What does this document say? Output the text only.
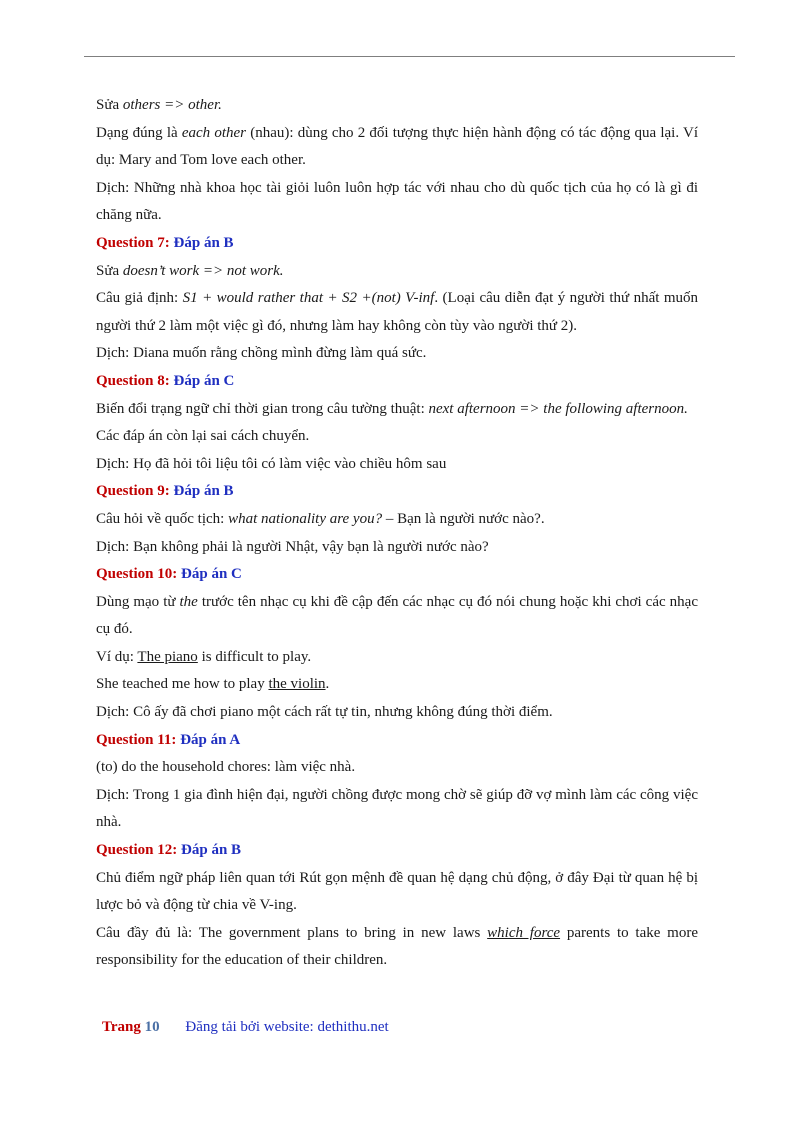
Sửa others => other.

Dạng đúng là each other (nhau): dùng cho 2 đối tượng thực hiện hành động có tác động qua lại. Ví dụ: Mary and Tom love each other.

Dịch: Những nhà khoa học tài giỏi luôn luôn hợp tác với nhau cho dù quốc tịch của họ có là gì đi chăng nữa.

Question 7: Đáp án B

Sửa doesn’t work => not work.

Câu giả định: S1 + would rather that + S2 +(not) V-inf. (Loại câu diễn đạt ý người thứ nhất muốn người thứ 2 làm một việc gì đó, nhưng làm hay không còn tùy vào người thứ 2).

Dịch: Diana muốn rằng chồng mình đừng làm quá sức.

Question 8: Đáp án C

Biến đổi trạng ngữ chỉ thời gian trong câu tường thuật: next afternoon => the following afternoon.

Các đáp án còn lại sai cách chuyển.

Dịch: Họ đã hỏi tôi liệu tôi có làm việc vào chiều hôm sau

Question 9: Đáp án B

Câu hỏi về quốc tịch: what nationality are you? – Bạn là người nước nào?.

Dịch: Bạn không phải là người Nhật, vậy bạn là người nước nào?

Question 10: Đáp án C

Dùng mạo từ the trước tên nhạc cụ khi đề cập đến các nhạc cụ đó nói chung hoặc khi chơi các nhạc cụ đó.

Ví dụ: The piano is difficult to play.

She teached me how to play the violin.

Dịch: Cô ấy đã chơi piano một cách rất tự tin, nhưng không đúng thời điểm.

Question 11: Đáp án A

(to) do the household chores: làm việc nhà.

Dịch: Trong 1 gia đình hiện đại, người chồng được mong chờ sẽ giúp đỡ vợ mình làm các công việc nhà.

Question 12: Đáp án B

Chủ điểm ngữ pháp liên quan tới Rút gọn mệnh đề quan hệ dạng chủ động, ở đây Đại từ quan hệ bị lược bỏ và động từ chia về V-ing.

Câu đầy đủ là: The government plans to bring in new laws which force parents to take more responsibility for the education of their children.

Trang 10 Đăng tải bởi website: dethithu.net
